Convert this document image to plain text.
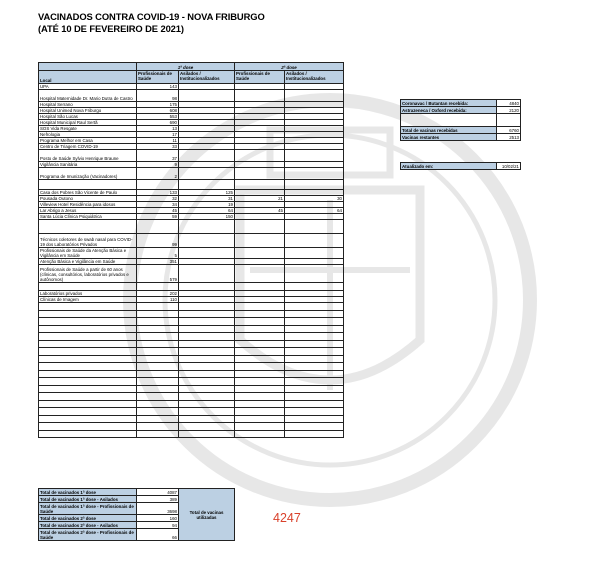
VACINADOS CONTRA COVID-19 - NOVA FRIBURGO
(ATÉ 10 DE FEVEREIRO DE 2021)
	1ª dose		2ª dose	
Local	Profissionais de Saúde	Asilados / Institucionalizados	Profissionais de Saúde	Asilados / Institucionalizados
UPA	143			
Hospital Maternidade Dr. Mario Dutra de Castro	98			
Hospital Serrano	175			
Hospital Unimed Nova Friburgo	608			
Hospital São Lucas	553			
Hospital Municipal Raul Sertã	690			
SOS Vida Resgate	13			
Nefrologia	17			
Programa Melhor em Casa	11			
Centro de Triagem COVID-19	33			
Posto de Saúde Sylvio Henrique Braune	37			
Vigilância Sanitária	9			
Programa de Imunização (Vacinadores)	2			

Casa dos Pobres São Vicente de Paulo	133	125		
Pousada Outono	32	31	21	30
Villeview Hotel Residência para idosos	34	19		
Lar Abrigo a Jesus	45	64	45	64
Santa Lúcia Clínica Psiquiátrica	59	150		

Técnicos coletores de swab nasal para COVID-19 dos Laboratórios Privados	99			
Profissionais de Saúde da Atenção Básica e Vigilância em Saúde	5			
Atenção Básica e Vigilância em Saúde	351			
Profissionais de Saúde a partir de 60 anos (clínicas, consultórios, laboratórios privados e autônomos)	579			

Laboratórios privados	202			
Clínicas de Imagem	110			

Total de vacinados 1ª dose	4087	Total de vacinas utilizadas
Total de vacinados 1ª dose - Asilados	389	
Total de vacinados 1ª dose - Profissionais de Saúde	3698	
Total de vacinados 2ª dose	160	
Total de vacinados 2ª dose - Asilados	94	
Total de vacinados 2ª dose - Profissionais de Saúde	66	
4247
Coronavac / Butantan recebida:	4840
Astrazeneca / Oxford recebida:	2120

Total de vacinas recebidas	6760
Vacinas restantes	2513
Atualizado em:	10/02/21
